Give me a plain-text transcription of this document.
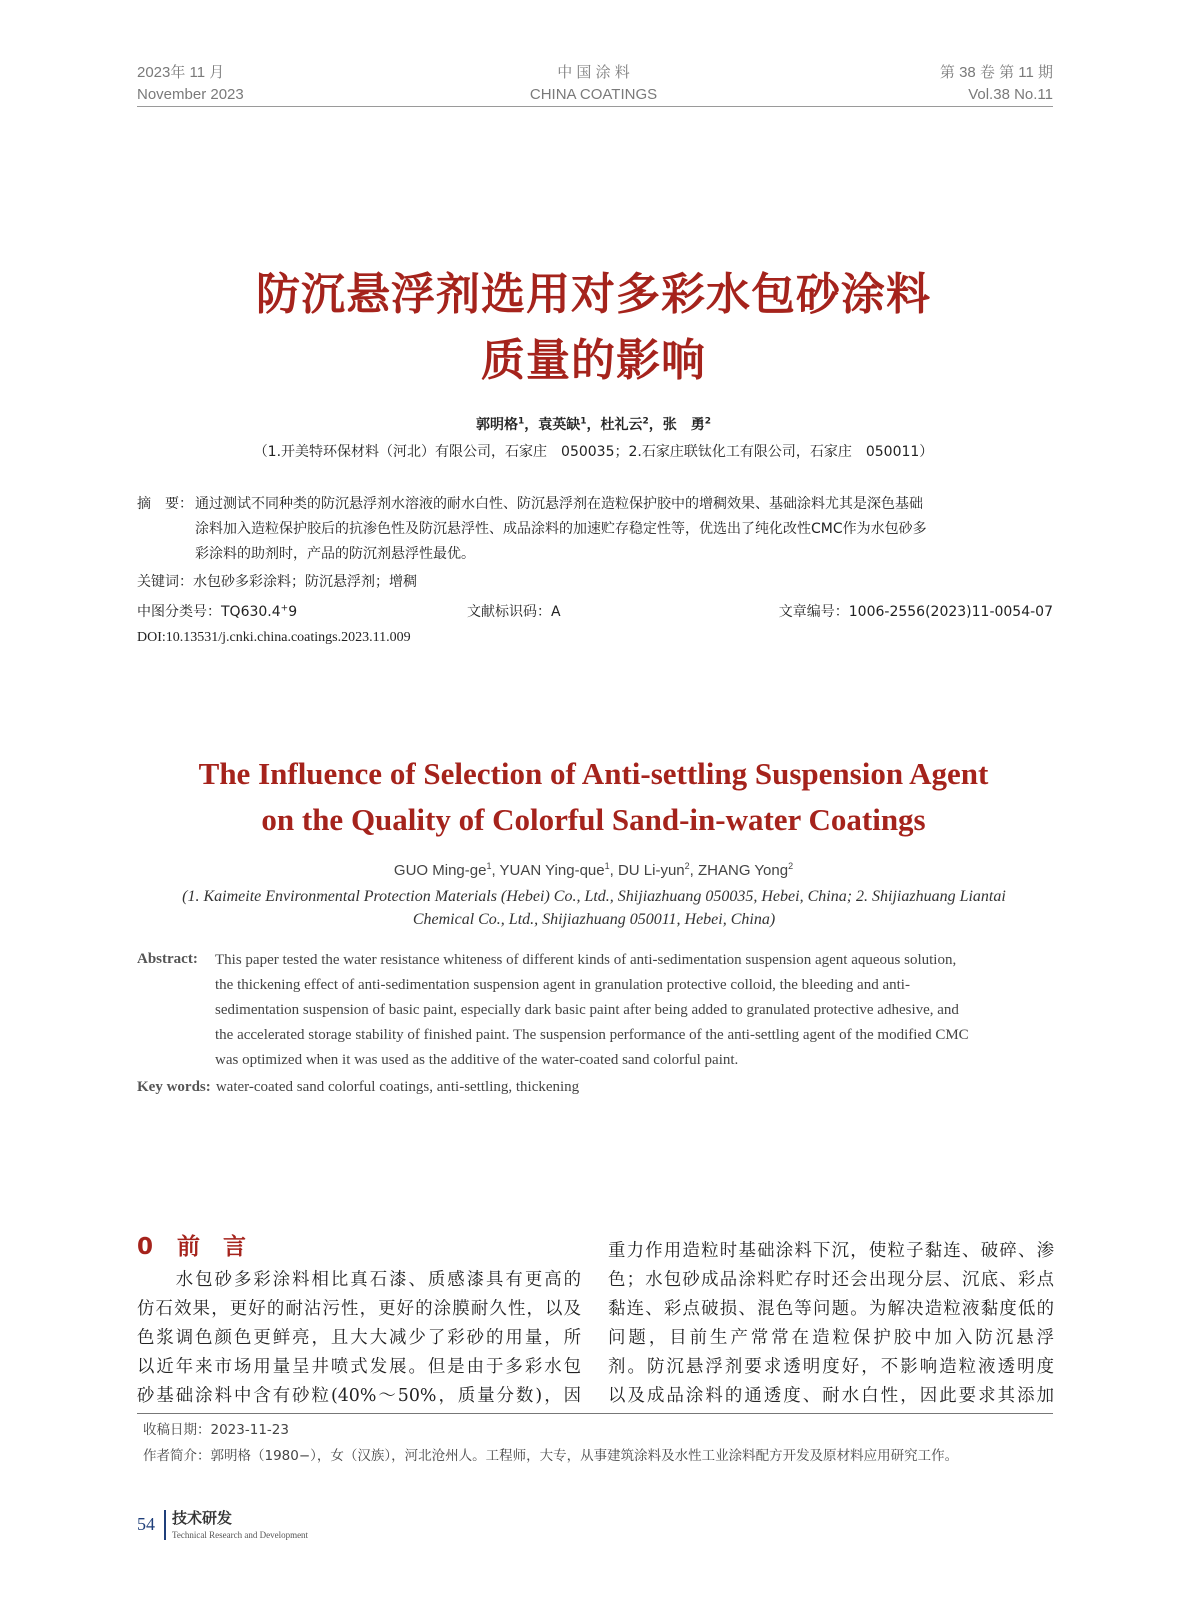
2023年 11 月
November 2023
中 国 涂 料
CHINA COATINGS
第 38 卷 第 11 期
Vol.38 No.11
防沉悬浮剂选用对多彩水包砂涂料
质量的影响
郭明格$^1$，袁英缺$^1$，杜礼云$^2$，张　勇$^2$
（1.开美特环保材料（河北）有限公司，石家庄　050035；2.石家庄联钛化工有限公司，石家庄　050011）
摘　要： 通过测试不同种类的防沉悬浮剂水溶液的耐水白性、防沉悬浮剂在造粒保护胶中的增稠效果、基础涂料尤其是深色基础
涂料加入造粒保护胶后的抗渗色性及防沉悬浮性、成品涂料的加速贮存稳定性等，优选出了纯化改性CMC作为水包砂多
彩涂料的助剂时，产品的防沉剂悬浮性最优。
关键词：水包砂多彩涂料；防沉悬浮剂；增稠
中图分类号：TQ630.4+9	文献标识码：A	文章编号：1006-2556(2023)11-0054-07
DOI:10.13531/j.cnki.china.coatings.2023.11.009
The Influence of Selection of Anti-settling Suspension Agent
on the Quality of Colorful Sand-in-water Coatings
GUO Ming-$ge^1$, YUAN Ying-que$^1$, DU Li-yun$^2$, ZHANG Yong$^2$
(1. Kaimeite Environmental Protection Materials (Hebei) Co., Ltd., Shijiazhuang 050035, Hebei, China; 2. Shijiazhuang Liantai
Chemical Co., Ltd., Shijiazhuang 050011, Hebei, China)
Abstract: This paper tested the water resistance whiteness of different kinds of anti-sedimentation suspension agent aqueous solution,
the thickening effect of anti-sedimentation suspension agent in granulation protective colloid, the bleeding and anti-
sedimentation suspension of basic paint, especially dark basic paint after being added to granulated protective adhesive, and
the accelerated storage stability of finished paint. The suspension performance of the anti-settling agent of the modified CMC
was optimized when it was used as the additive of the water-coated sand colorful paint.
Key words: water-coated sand colorful coatings, anti-settling, thickening
0 前　言
　　水包砂多彩涂料相比真石漆、质感漆具有更高的
仿石效果，更好的耐沾污性，更好的涂膜耐久性，以及
色浆调色颜色更鲜亮，且大大减少了彩砂的用量，所
以近年来市场用量呈井喷式发展。但是由于多彩水包
砂基础涂料中含有砂粒(40%～50%，质量分数)，因
重力作用造粒时基础涂料下沉，使粒子黏连、破碎、渗
色；水包砂成品涂料贮存时还会出现分层、沉底、彩点
黏连、彩点破损、混色等问题。为解决造粒液黏度低的
问题，目前生产常常在造粒保护胶中加入防沉悬浮
剂。防沉悬浮剂要求透明度好，不影响造粒液透明度
以及成品涂料的通透度、耐水白性，因此要求其添加
收稿日期：2023-11-23
作者简介：郭明格（1980−），女（汉族），河北沧州人。工程师，大专，从事建筑涂料及水性工业涂料配方开发及原材料应用研究工作。
54 技术研发
Technical Research and Development
